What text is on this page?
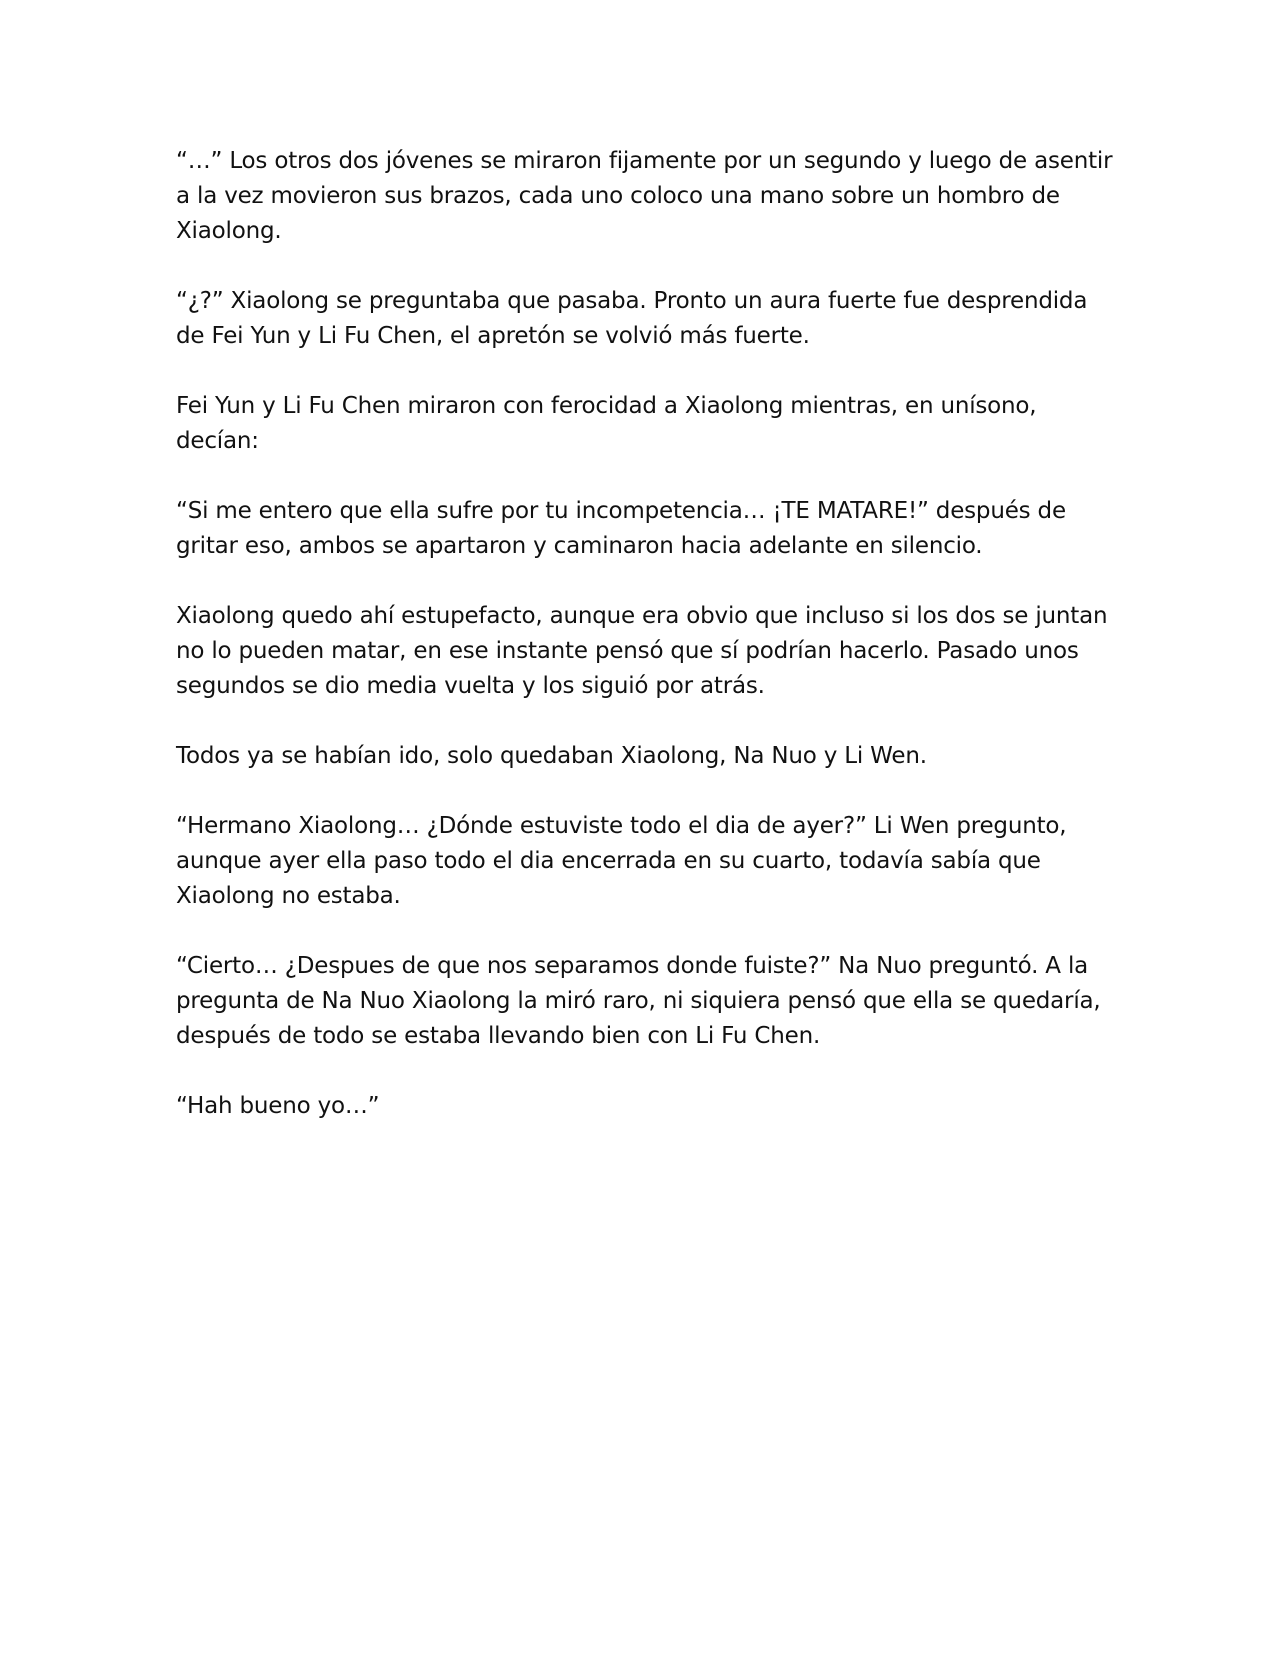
“…” Los otros dos jóvenes se miraron fijamente por un segundo y luego de asentir a la vez movieron sus brazos, cada uno coloco una mano sobre un hombro de Xiaolong.

“¿?” Xiaolong se preguntaba que pasaba. Pronto un aura fuerte fue desprendida de Fei Yun y Li Fu Chen, el apretón se volvió más fuerte.

Fei Yun y Li Fu Chen miraron con ferocidad a Xiaolong mientras, en unísono, decían:

“Si me entero que ella sufre por tu incompetencia… ¡TE MATARE!” después de gritar eso, ambos se apartaron y caminaron hacia adelante en silencio.

Xiaolong quedo ahí estupefacto, aunque era obvio que incluso si los dos se juntan no lo pueden matar, en ese instante pensó que sí podrían hacerlo. Pasado unos segundos se dio media vuelta y los siguió por atrás.

Todos ya se habían ido, solo quedaban Xiaolong, Na Nuo y Li Wen.

“Hermano Xiaolong… ¿Dónde estuviste todo el dia de ayer?” Li Wen pregunto, aunque ayer ella paso todo el dia encerrada en su cuarto, todavía sabía que Xiaolong no estaba.

“Cierto… ¿Despues de que nos separamos donde fuiste?” Na Nuo preguntó. A la pregunta de Na Nuo Xiaolong la miró raro, ni siquiera pensó que ella se quedaría, después de todo se estaba llevando bien con Li Fu Chen.

“Hah bueno yo…”
